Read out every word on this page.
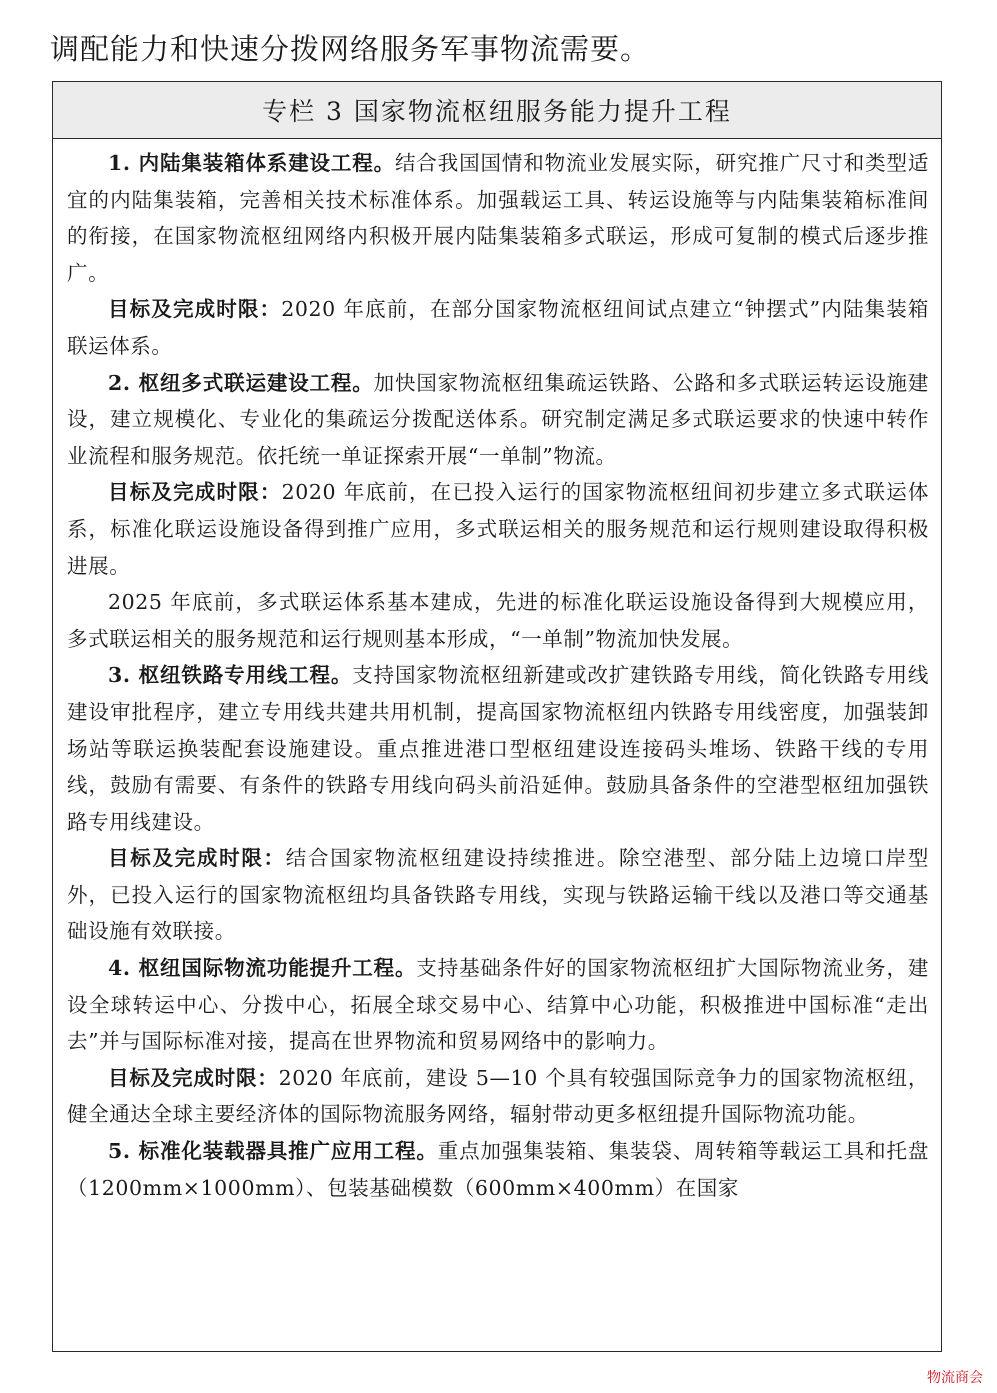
调配能力和快速分拨网络服务军事物流需要。
专栏 3 国家物流枢纽服务能力提升工程

1. 内陆集装箱体系建设工程。结合我国国情和物流业发展实际，研究推广尺寸和类型适宜的内陆集装箱，完善相关技术标准体系。加强载运工具、转运设施等与内陆集装箱标准间的衔接，在国家物流枢纽网络内积极开展内陆集装箱多式联运，形成可复制的模式后逐步推广。

目标及完成时限：2020 年底前，在部分国家物流枢纽间试点建立“钟摆式”内陆集装箱联运体系。

2. 枢纽多式联运建设工程。加快国家物流枢纽集疏运铁路、公路和多式联运转运设施建设，建立规模化、专业化的集疏运分拨配送体系。研究制定满足多式联运要求的快速中转作业流程和服务规范。依托统一单证探索开展“一单制”物流。

目标及完成时限：2020 年底前，在已投入运行的国家物流枢纽间初步建立多式联运体系，标准化联运设施设备得到推广应用，多式联运相关的服务规范和运行规则建设取得积极进展。

2025 年底前，多式联运体系基本建成，先进的标准化联运设施设备得到大规模应用，多式联运相关的服务规范和运行规则基本形成，“一单制”物流加快发展。

3. 枢纽铁路专用线工程。支持国家物流枢纽新建或改扩建铁路专用线，简化铁路专用线建设审批程序，建立专用线共建共用机制，提高国家物流枢纽内铁路专用线密度，加强装卸场站等联运换装配套设施建设。重点推进港口型枢纽建设连接码头堆场、铁路干线的专用线，鼓励有需要、有条件的铁路专用线向码头前沿延伸。鼓励具备条件的空港型枢纽加强铁路专用线建设。

目标及完成时限：结合国家物流枢纽建设持续推进。除空港型、部分陆上边境口岸型外，已投入运行的国家物流枢纽均具备铁路专用线，实现与铁路运输干线以及港口等交通基础设施有效联接。

4. 枢纽国际物流功能提升工程。支持基础条件好的国家物流枢纽扩大国际物流业务，建设全球转运中心、分拨中心，拓展全球交易中心、结算中心功能，积极推进中国标准“走出去”并与国际标准对接，提高在世界物流和贸易网络中的影响力。

目标及完成时限：2020 年底前，建设 5—10 个具有较强国际竞争力的国家物流枢纽，健全通达全球主要经济体的国际物流服务网络，辐射带动更多枢纽提升国际物流功能。

5. 标准化装载器具推广应用工程。重点加强集装箱、集装袋、周转箱等载运工具和托盘（1200mm×1000mm）、包装基础模数（600mm×400mm）在国家

物流商会
